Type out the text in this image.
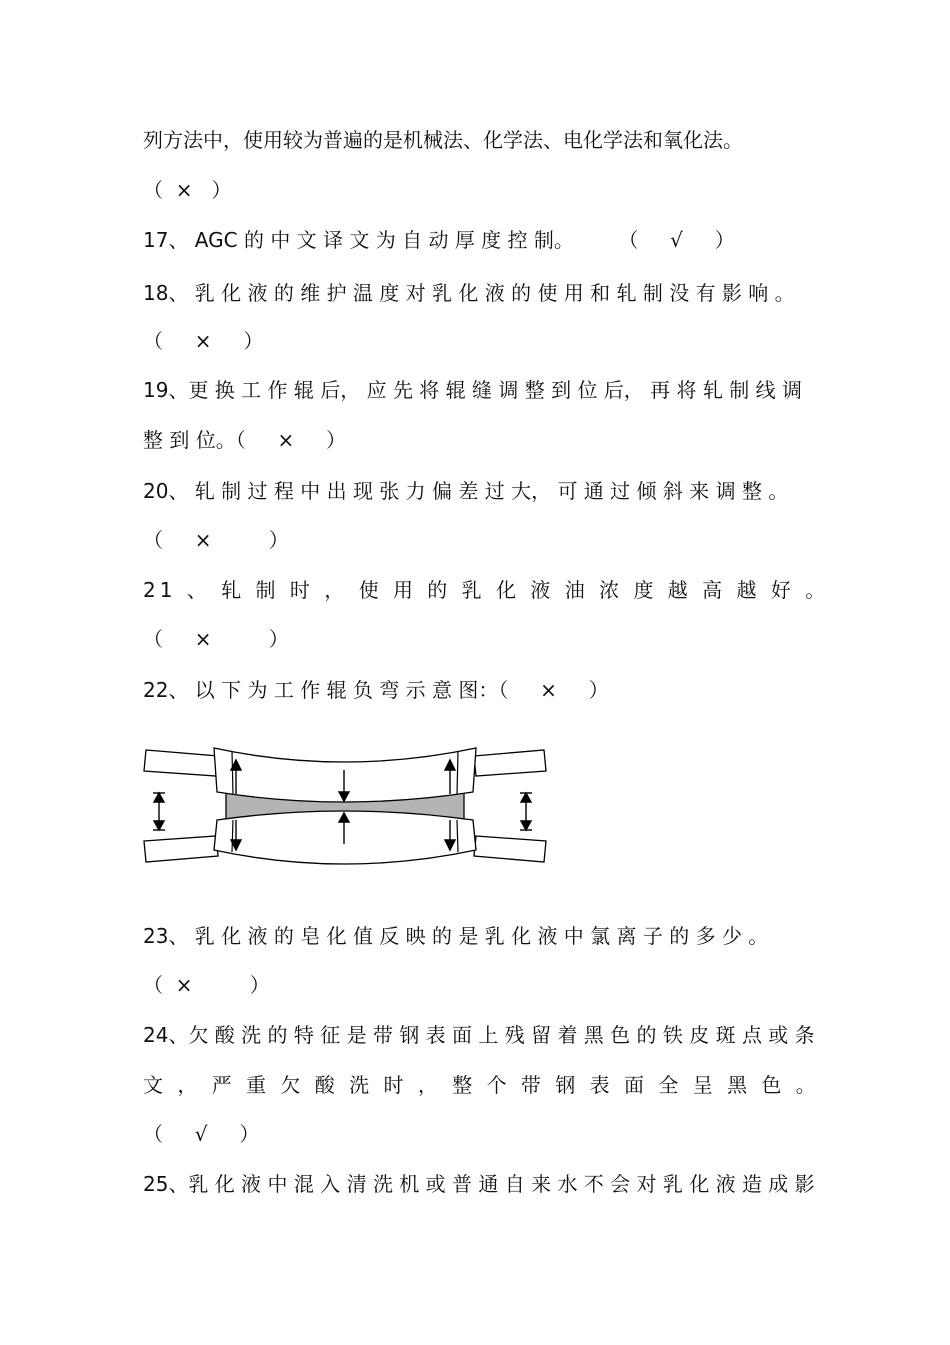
列方法中，使用较为普遍的是机械法、化学法、电化学法和氧化法。
（  ×   ）
17、 AGC 的 中 文 译 文 为 自 动 厚 度 控 制。       （     √     ）
18、 乳 化 液 的 维 护 温 度 对 乳 化 液 的 使 用 和 轧 制 没 有 影 响 。
（     ×     ）
19、更 换 工 作 辊 后， 应 先 将 辊 缝 调 整 到 位 后， 再 将 轧 制 线 调
整 到 位。（     ×     ）
20、 轧 制 过 程 中 出 现 张 力 偏 差 过 大， 可 通 过 倾 斜 来 调 整 。
（     ×         ）
21 、 轧 制 时 ， 使 用 的 乳 化 液 油 浓 度 越 高 越 好 。
（     ×         ）
22、 以 下 为 工 作 辊 负 弯 示 意 图：（     ×     ）
23、 乳 化 液 的 皂 化 值 反 映 的 是 乳 化 液 中 氯 离 子 的 多 少 。
（  ×         ）
24、欠 酸 洗 的 特 征 是 带 钢 表 面 上 残 留 着 黑 色 的 铁 皮 斑 点 或 条
文 ， 严 重 欠 酸 洗 时 ， 整 个 带 钢 表 面 全 呈 黑 色 。
（     √     ）
25、乳 化 液 中 混 入 清 洗 机 或 普 通 自 来 水 不 会 对 乳 化 液 造 成 影
